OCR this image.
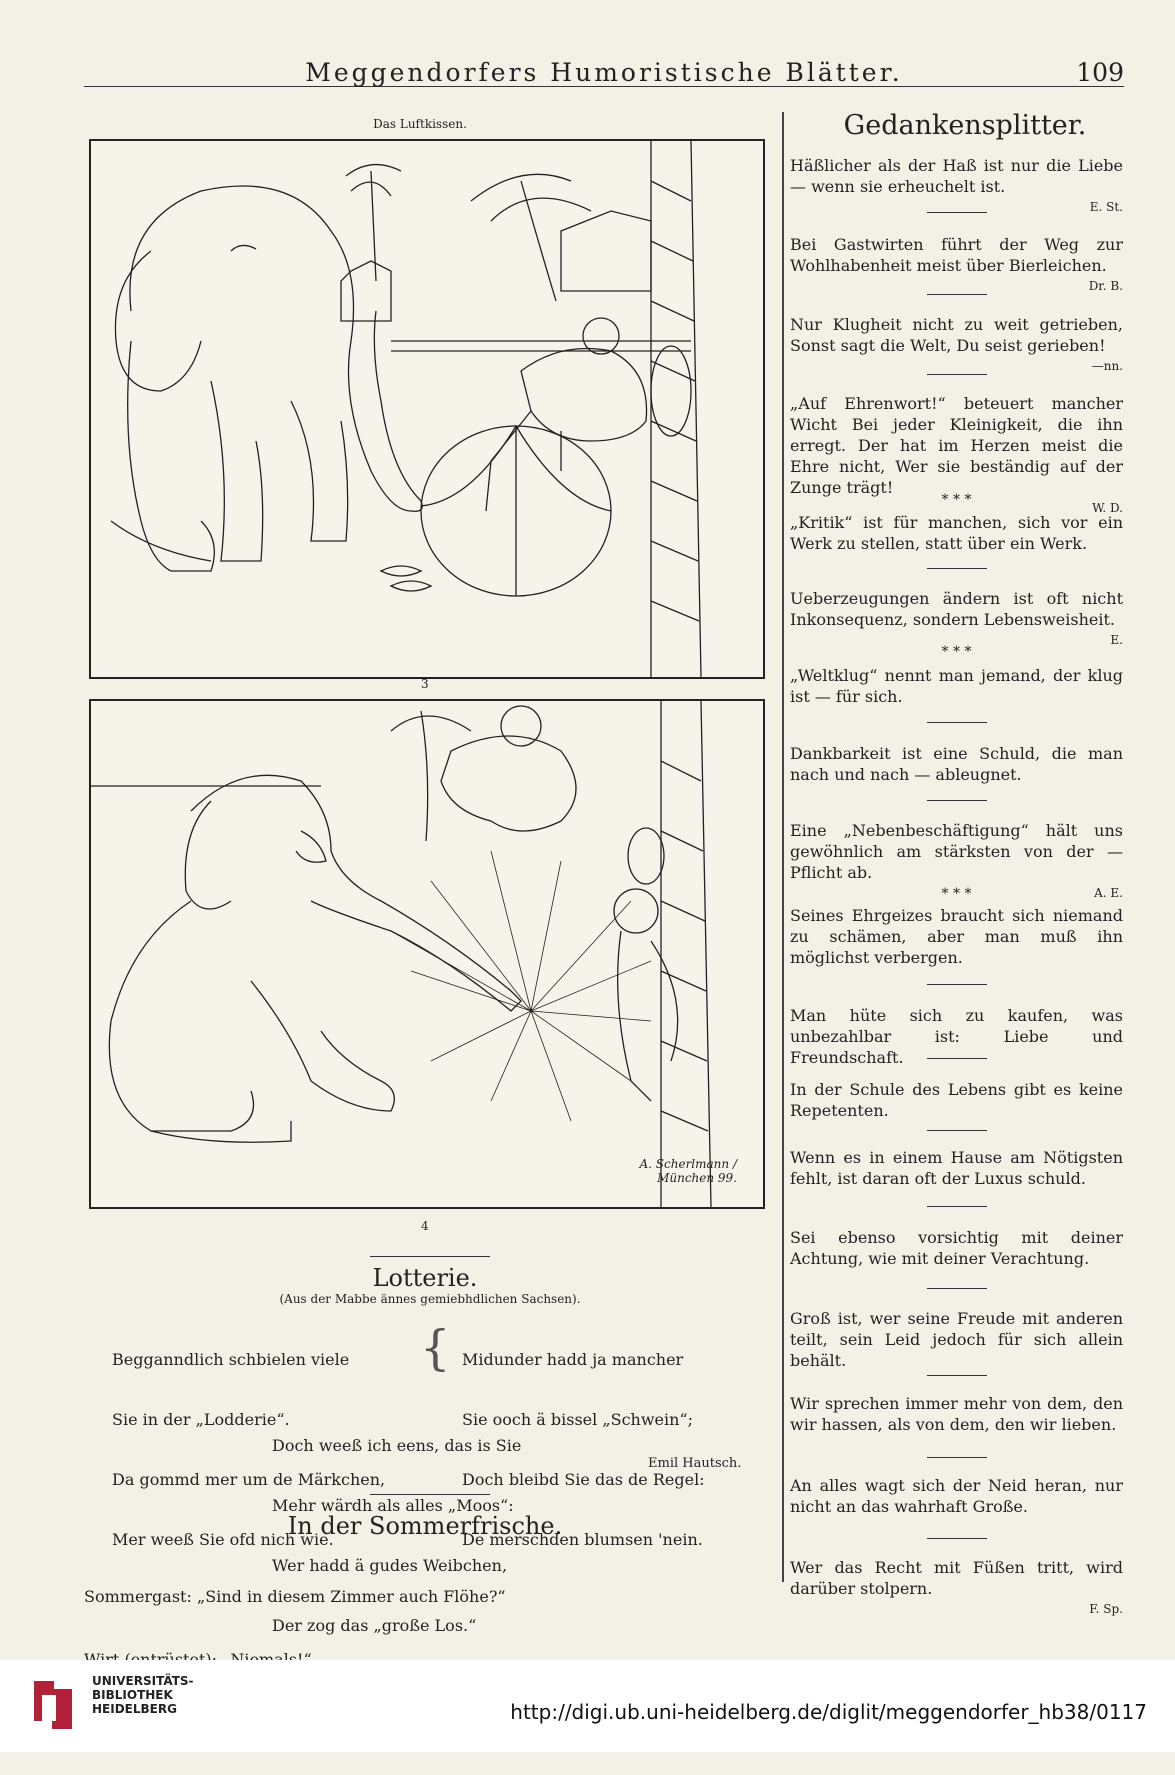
Meggendorfers Humoristische Blätter.	109
Das Luftkissen.
3
A. Scherlmann / München 99.
4
Lotterie.
(Aus der Mabbe ännes gemiebhdlichen Sachsen).

Begganndlich schbielen viele

Sie in der „Lodderie“.

Da gommd mer um de Märkchen,

Mer weeß Sie ofd nich wie.

{

Midunder hadd ja mancher

Sie ooch ä bissel „Schwein“;

Doch bleibd Sie das de Regel:

De merschden blumsen 'nein.

Doch weeß ich eens, das is Sie

Mehr wärdh als alles „Moos“:

Wer hadd ä gudes Weibchen,

Der zog das „große Los.“

Emil Hautsch.
In der Sommerfrische.

Sommergast: „Sind in diesem Zimmer auch Flöhe?“

Gedankensplitter.
Häßlicher als der Haß ist nur die Liebe — wenn sie erheuchelt ist.
E. St.
Bei Gastwirten führt der Weg zur Wohlhabenheit meist über Bierleichen.
Dr. B.
Nur Klugheit nicht zu weit getrieben, Sonst sagt die Welt, Du seist gerieben!
—nn.
„Auf Ehrenwort!“ beteuert mancher Wicht Bei jeder Kleinigkeit, die ihn erregt. Der hat im Herzen meist die Ehre nicht, Wer sie beständig auf der Zunge trägt!
W. D.
* * *
„Kritik“ ist für manchen, sich vor ein Werk zu stellen, statt über ein Werk.
Ueberzeugungen ändern ist oft nicht Inkonsequenz, sondern Lebensweisheit.
E.
* * *
„Weltklug“ nennt man jemand, der klug ist — für sich.
Dankbarkeit ist eine Schuld, die man nach und nach — ableugnet.
Eine „Nebenbeschäftigung“ hält uns gewöhnlich am stärksten von der — Pflicht ab.
A. E.
* * *
Seines Ehrgeizes braucht sich niemand zu schämen, aber man muß ihn möglichst verbergen.
Man hüte sich zu kaufen, was unbezahlbar ist: Liebe und Freundschaft.
In der Schule des Lebens gibt es keine Repetenten.
Wenn es in einem Hause am Nötigsten fehlt, ist daran oft der Luxus schuld.
Sei ebenso vorsichtig mit deiner Achtung, wie mit deiner Verachtung.
Groß ist, wer seine Freude mit anderen teilt, sein Leid jedoch für sich allein behält.
Wir sprechen immer mehr von dem, den wir hassen, als von dem, den wir lieben.
An alles wagt sich der Neid heran, nur nicht an das wahrhaft Große.
Wer das Recht mit Füßen tritt, wird darüber stolpern.
F. Sp.
UNIVERSITÄTS-
BIBLIOTHEK
HEIDELBERG	http://digi.ub.uni-heidelberg.de/diglit/meggendorfer_hb38/0117
